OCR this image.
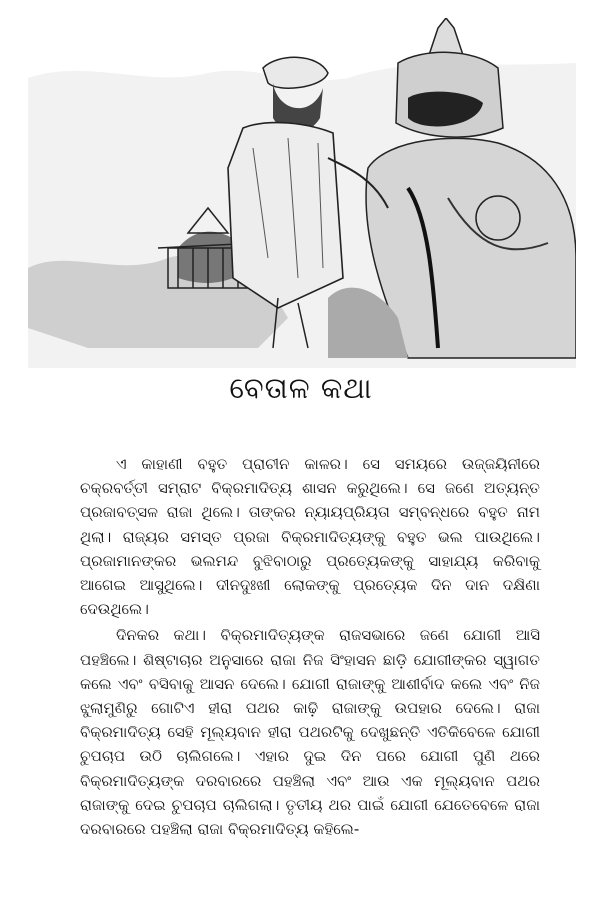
ବେତାଳ କଥା

ଏ କାହାଣୀ ବହୁତ ପ୍ରାଚୀନ କାଳର। ସେ ସମୟରେ ଉଜ୍ଜୟିନୀରେ ଚକ୍ରବର୍ତ୍ତୀ ସମ୍ରାଟ ବିକ୍ରମାଦିତ୍ୟ ଶାସନ କରୁଥିଲେ। ସେ ଜଣେ ଅତ୍ୟନ୍ତ ପ୍ରଜାବତ୍ସଳ ରାଜା ଥିଲେ। ତାଙ୍କର ନ୍ୟାୟପ୍ରିୟତା ସମ୍ବନ୍ଧରେ ବହୁତ ନାମ ଥିଲା। ରାଜ୍ୟର ସମସ୍ତ ପ୍ରଜା ବିକ୍ରମାଦିତ୍ୟଙ୍କୁ ବହୁତ ଭଲ ପାଉଥିଲେ। ପ୍ରଜାମାନଙ୍କର ଭଲମନ୍ଦ ବୁଝିବାଠାରୁ ପ୍ରତ୍ୟେକଙ୍କୁ ସାହାଯ୍ୟ କରିବାକୁ ଆଗେଇ ଆସୁଥିଲେ। ଦୀନଦୁଃଖୀ ଲୋକଙ୍କୁ ପ୍ରତ୍ୟେକ ଦିନ ଦାନ ଦକ୍ଷିଣା ଦେଉଥିଲେ।

ଦିନକର କଥା। ବିକ୍ରମାଦିତ୍ୟଙ୍କ ରାଜସଭାରେ ଜଣେ ଯୋଗୀ ଆସି ପହଞ୍ଚିଲେ। ଶିଷ୍ଟାଚାର ଅନୁସାରେ ରାଜା ନିଜ ସିଂହାସନ ଛାଡ଼ି ଯୋଗୀଙ୍କର ସ୍ୱାଗତ କଲେ ଏବଂ ବସିବାକୁ ଆସନ ଦେଲେ। ଯୋଗୀ ରାଜାଙ୍କୁ ଆଶୀର୍ବାଦ କଲେ ଏବଂ ନିଜ ଝୁଲାମୁଣିରୁ ଗୋଟିଏ ହୀରା ପଥର କାଢ଼ି ରାଜାଙ୍କୁ ଉପହାର ଦେଲେ। ରାଜା ବିକ୍ରମାଦିତ୍ୟ ସେହି ମୂଲ୍ୟବାନ ହୀରା ପଥରଟିକୁ ଦେଖୁଛନ୍ତି ଏତିକିବେଳେ ଯୋଗୀ ଚୁପଚାପ ଉଠି ଚାଲିଗଲେ। ଏହାର ଦୁଇ ଦିନ ପରେ ଯୋଗୀ ପୁଣି ଥରେ ବିକ୍ରମାଦିତ୍ୟଙ୍କ ଦରବାରରେ ପହଞ୍ଚିଲା ଏବଂ ଆଉ ଏକ ମୂଲ୍ୟବାନ ପଥର ରାଜାଙ୍କୁ ଦେଇ ଚୁପଚାପ ଚାଲିଗଲା। ତୃତୀୟ ଥର ପାଇଁ ଯୋଗୀ ଯେତେବେଳେ ରାଜା ଦରବାରରେ ପହଞ୍ଚିଲା ରାଜା ବିକ୍ରମାଦିତ୍ୟ କହିଲେ-
